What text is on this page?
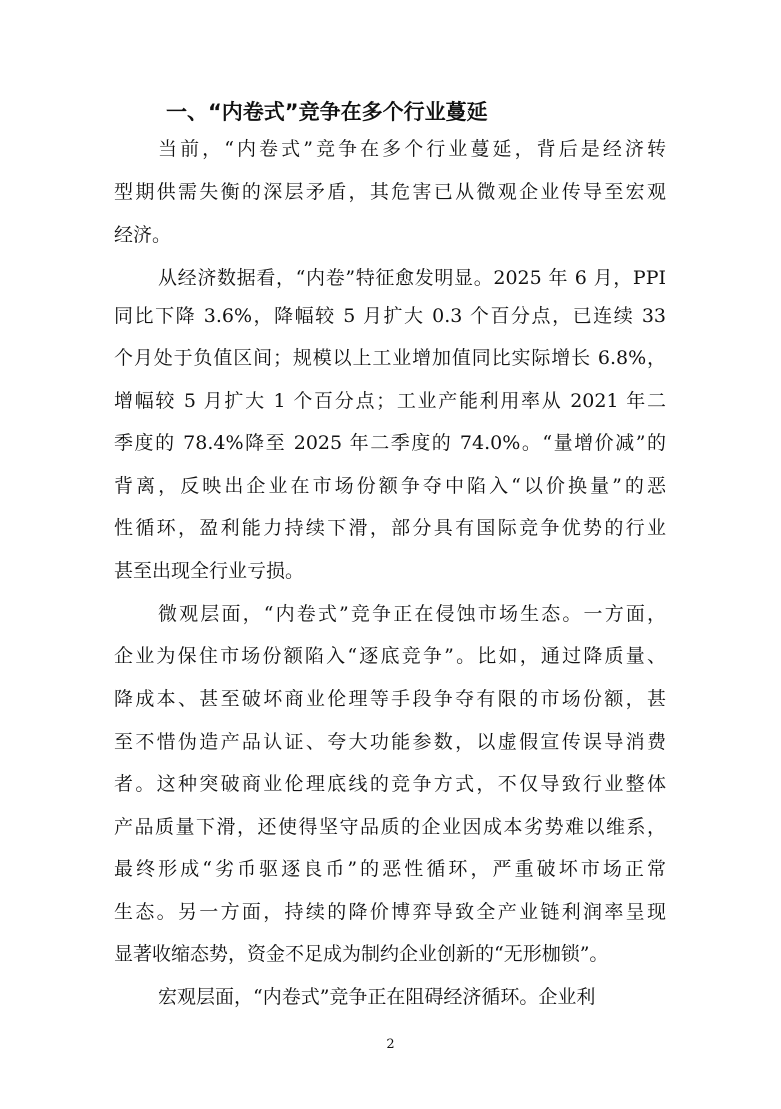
一、“内卷式”竞争在多个行业蔓延
当前，“内卷式”竞争在多个行业蔓延，背后是经济转
型期供需失衡的深层矛盾，其危害已从微观企业传导至宏观
经济。
从经济数据看，“内卷”特征愈发明显。2025 年 6 月，PPI
同比下降 3.6%，降幅较 5 月扩大 0.3 个百分点，已连续 33
个月处于负值区间；规模以上工业增加值同比实际增长 6.8%，
增幅较 5 月扩大 1 个百分点；工业产能利用率从 2021 年二
季度的 78.4%降至 2025 年二季度的 74.0%。“量增价减”的
背离，反映出企业在市场份额争夺中陷入“以价换量”的恶
性循环，盈利能力持续下滑，部分具有国际竞争优势的行业
甚至出现全行业亏损。
微观层面，“内卷式”竞争正在侵蚀市场生态。一方面，
企业为保住市场份额陷入“逐底竞争”。比如，通过降质量、
降成本、甚至破坏商业伦理等手段争夺有限的市场份额，甚
至不惜伪造产品认证、夸大功能参数，以虚假宣传误导消费
者。这种突破商业伦理底线的竞争方式，不仅导致行业整体
产品质量下滑，还使得坚守品质的企业因成本劣势难以维系，
最终形成“劣币驱逐良币”的恶性循环，严重破坏市场正常
生态。另一方面，持续的降价博弈导致全产业链利润率呈现
显著收缩态势，资金不足成为制约企业创新的“无形枷锁”。
宏观层面，“内卷式”竞争正在阻碍经济循环。企业利
2
